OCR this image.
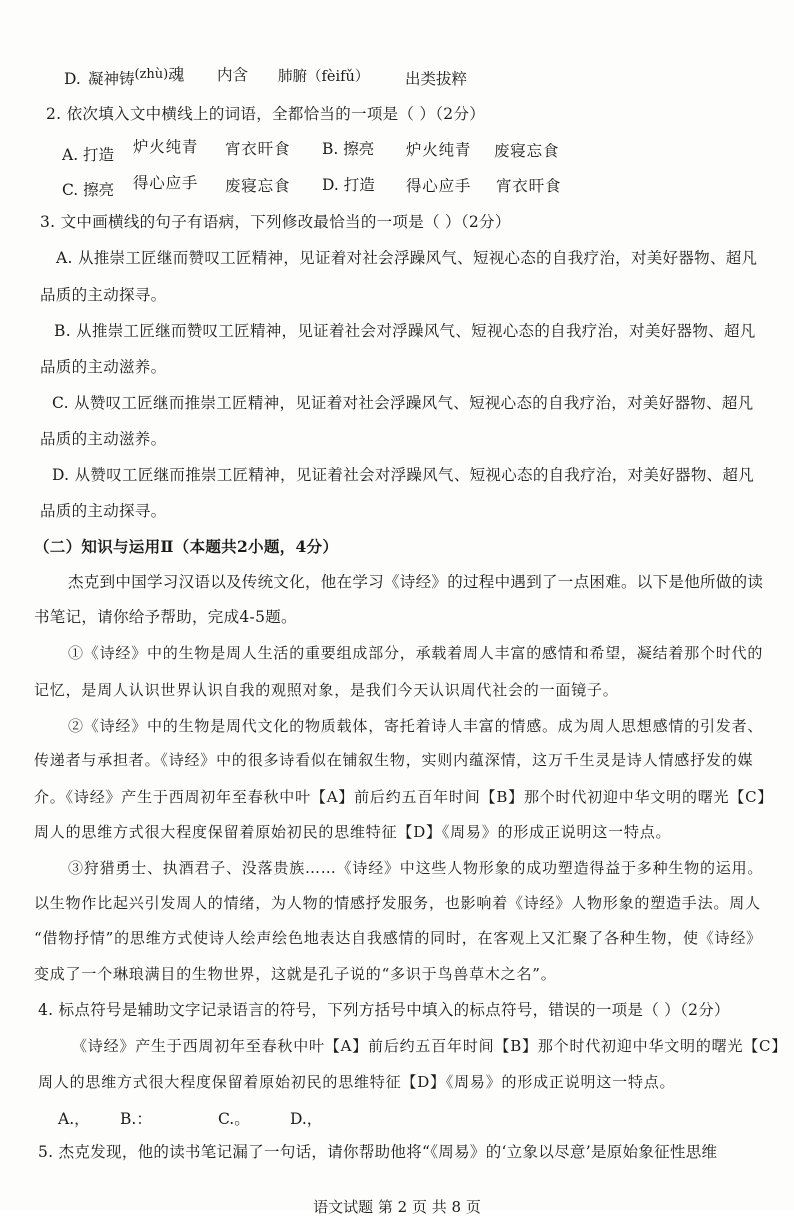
D. 凝神铸$^{(zhù)}$魂 内含 肺腑（fèifǔ） 出类拔粹
2. 依次填入文中横线上的词语，全都恰当的一项是（ ）（2分）
A. 打造 炉火纯青 宵衣旰食 B. 擦亮 炉火纯青 废寝忘食
C. 擦亮 得心应手 废寝忘食 D. 打造 得心应手 宵衣旰食
3. 文中画横线的句子有语病，下列修改最恰当的一项是（ ）（2分）
A. 从推崇工匠继而赞叹工匠精神，见证着对社会浮躁风气、短视心态的自我疗治，对美好器物、超凡
品质的主动探寻。
B. 从推崇工匠继而赞叹工匠精神，见证着社会对浮躁风气、短视心态的自我疗治，对美好器物、超凡
品质的主动滋养。
C. 从赞叹工匠继而推崇工匠精神，见证着对社会浮躁风气、短视心态的自我疗治，对美好器物、超凡
品质的主动滋养。
D. 从赞叹工匠继而推崇工匠精神，见证着社会对浮躁风气、短视心态的自我疗治，对美好器物、超凡
品质的主动探寻。
（二）知识与运用Ⅱ（本题共2小题，4分）
杰克到中国学习汉语以及传统文化，他在学习《诗经》的过程中遇到了一点困难。以下是他所做的读
书笔记，请你给予帮助，完成4-5题。
①《诗经》中的生物是周人生活的重要组成部分，承载着周人丰富的感情和希望，凝结着那个时代的
记忆，是周人认识世界认识自我的观照对象，是我们今天认识周代社会的一面镜子。
②《诗经》中的生物是周代文化的物质载体，寄托着诗人丰富的情感。成为周人思想感情的引发者、
传递者与承担者。《诗经》中的很多诗看似在铺叙生物，实则内蕴深情，这万千生灵是诗人情感抒发的媒
介。《诗经》产生于西周初年至春秋中叶【A】前后约五百年时间【B】那个时代初迎中华文明的曙光【C】
周人的思维方式很大程度保留着原始初民的思维特征【D】《周易》的形成正说明这一特点。
③狩猎勇士、执酒君子、没落贵族……《诗经》中这些人物形象的成功塑造得益于多种生物的运用。
以生物作比起兴引发周人的情绪，为人物的情感抒发服务，也影响着《诗经》人物形象的塑造手法。周人
“借物抒情”的思维方式使诗人绘声绘色地表达自我感情的同时，在客观上又汇聚了各种生物，使《诗经》
变成了一个琳琅满目的生物世界，这就是孔子说的“多识于鸟兽草木之名”。
4. 标点符号是辅助文字记录语言的符号，下列方括号中填入的标点符号，错误的一项是（ ）（2分）
《诗经》产生于西周初年至春秋中叶【A】前后约五百年时间【B】那个时代初迎中华文明的曙光【C】
周人的思维方式很大程度保留着原始初民的思维特征【D】《周易》的形成正说明这一特点。
A.， B.：	C.。	D.，
5. 杰克发现，他的读书笔记漏了一句话，请你帮助他将“《周易》的‘立象以尽意’是原始象征性思维
语文试题 第 2 页 共 8 页
